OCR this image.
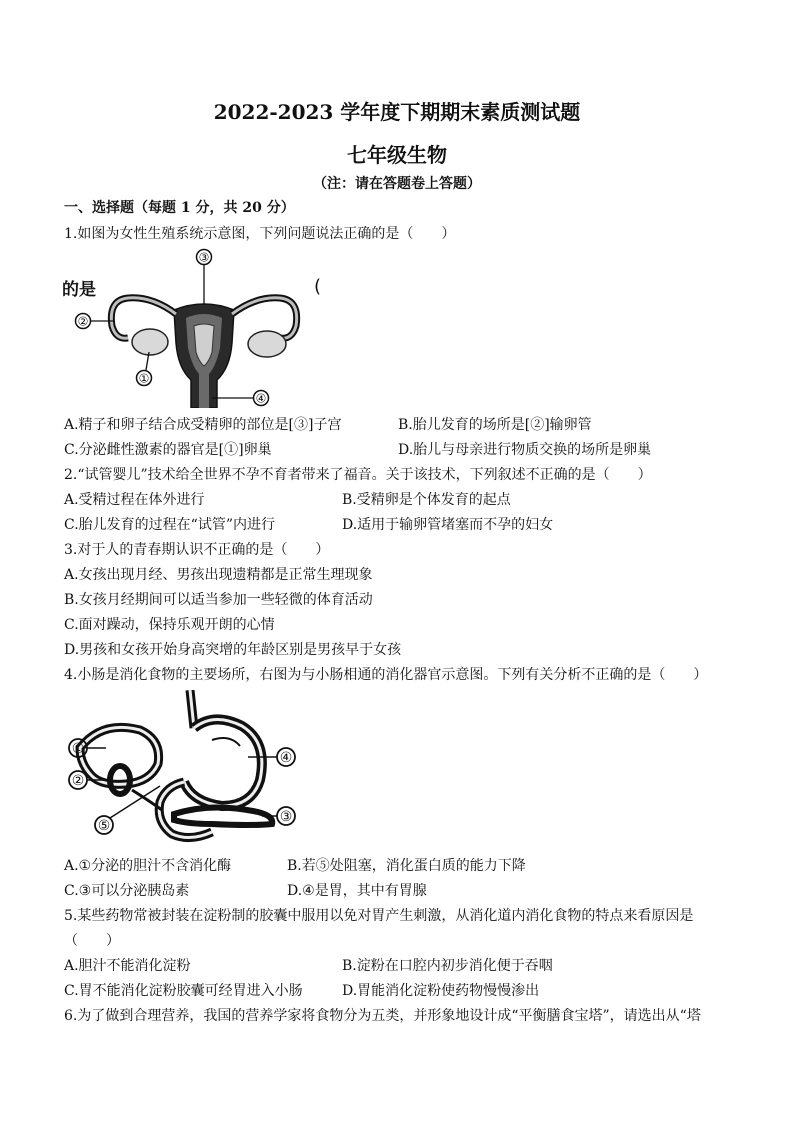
2022-2023 学年度下期期末素质测试题
七年级生物
（注：请在答题卷上答题）
一、选择题（每题 1 分，共 20 分）
1.如图为女性生殖系统示意图，下列问题说法正确的是（　　）
③
的是
②
①
④
(
A.精子和卵子结合成受精卵的部位是[③]子宫	B.胎儿发育的场所是[②]输卵管
C.分泌雌性激素的器官是[①]卵巢	D.胎儿与母亲进行物质交换的场所是卵巢
2.“试管婴儿”技术给全世界不孕不育者带来了福音。关于该技术，下列叙述不正确的是（　　）
A.受精过程在体外进行	B.受精卵是个体发育的起点
C.胎儿发育的过程在“试管”内进行	D.适用于输卵管堵塞而不孕的妇女
3.对于人的青春期认识不正确的是（　　）
A.女孩出现月经、男孩出现遗精都是正常生理现象
B.女孩月经期间可以适当参加一些轻微的体育活动
C.面对躁动，保持乐观开朗的心情
D.男孩和女孩开始身高突增的年龄区别是男孩早于女孩
4.小肠是消化食物的主要场所，右图为与小肠相通的消化器官示意图。下列有关分析不正确的是（　　）
①
②
④
③
⑤
A.①分泌的胆汁不含消化酶	B.若⑤处阻塞，消化蛋白质的能力下降
C.③可以分泌胰岛素	D.④是胃，其中有胃腺
5.某些药物常被封装在淀粉制的胶囊中服用以免对胃产生刺激，从消化道内消化食物的特点来看原因是
（　　）
A.胆汁不能消化淀粉	B.淀粉在口腔内初步消化便于吞咽
C.胃不能消化淀粉胶囊可经胃进入小肠	D.胃能消化淀粉使药物慢慢渗出
6.为了做到合理营养，我国的营养学家将食物分为五类，并形象地设计成“平衡膳食宝塔”，请选出从“塔
